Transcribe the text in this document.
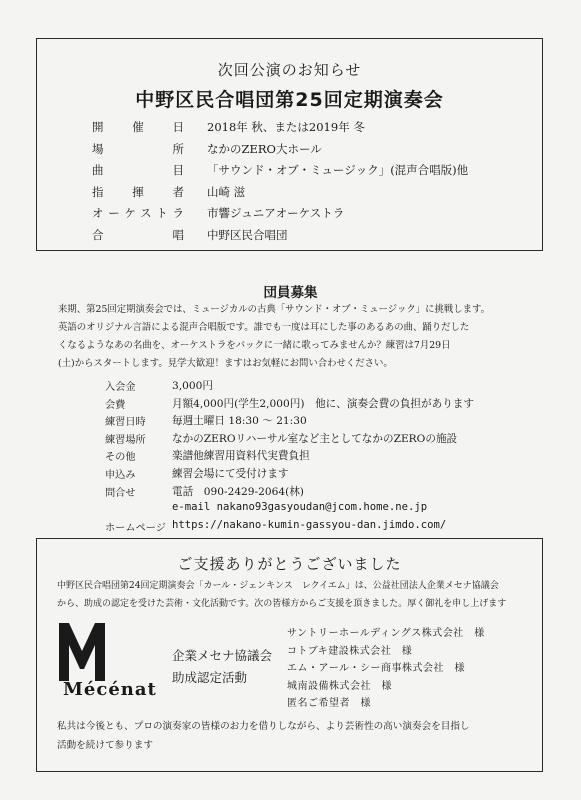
次回公演のお知らせ
中野区民合唱団第25回定期演奏会
開催日 2018年 秋、または2019年 冬
場所 なかのZERO大ホール
曲目 「サウンド・オブ・ミュージック」(混声合唱版)他
指揮者 山崎 滋
オーケストラ 市響ジュニアオーケストラ
合唱 中野区民合唱団
団員募集
来期、第25回定期演奏会では、ミュージカルの古典「サウンド・オブ・ミュージック」に挑戦します。
英語のオリジナル言語による混声合唱版です。誰でも一度は耳にした事のあるあの曲、踊りだした
くなるようなあの名曲を、オーケストラをバックに一緒に歌ってみませんか？練習は7月29日
(土)からスタートします。見学大歓迎！ますはお気軽にお問い合わせください。
入会金	3,000円
会費	月額4,000円(学生2,000円)　他に、演奏会費の負担があります
練習日時 毎週土曜日 18:30 ～ 21:30
練習場所 なかのZEROリハーサル室など主としてなかのZEROの施設
その他	楽譜他練習用資料代実費負担
申込み	練習会場にて受付けます
問合せ	電話　090-2429-2064(林)
e-mail nakano93gasyoudan@jcom.home.ne.jp
ホームページ https://nakano-kumin-gassyou-dan.jimdo.com/
ご支援ありがとうございました
中野区民合唱団第24回定期演奏会「カール・ジェンキンス　レクイエム」は、公益社団法人企業メセナ協議会
から、助成の認定を受けた芸術・文化活動です。次の皆様方からご支援を頂きました。厚く御礼を申し上げます
Mécénat
企業メセナ協議会
助成認定活動
サントリーホールディングス株式会社　様
コトブキ建設株式会社　様
エム・アール・シー商事株式会社　様
城南設備株式会社　様
匿名ご希望者　様
私共は今後とも、プロの演奏家の皆様のお力を借りしながら、より芸術性の高い演奏会を目指し
活動を続けて参ります
